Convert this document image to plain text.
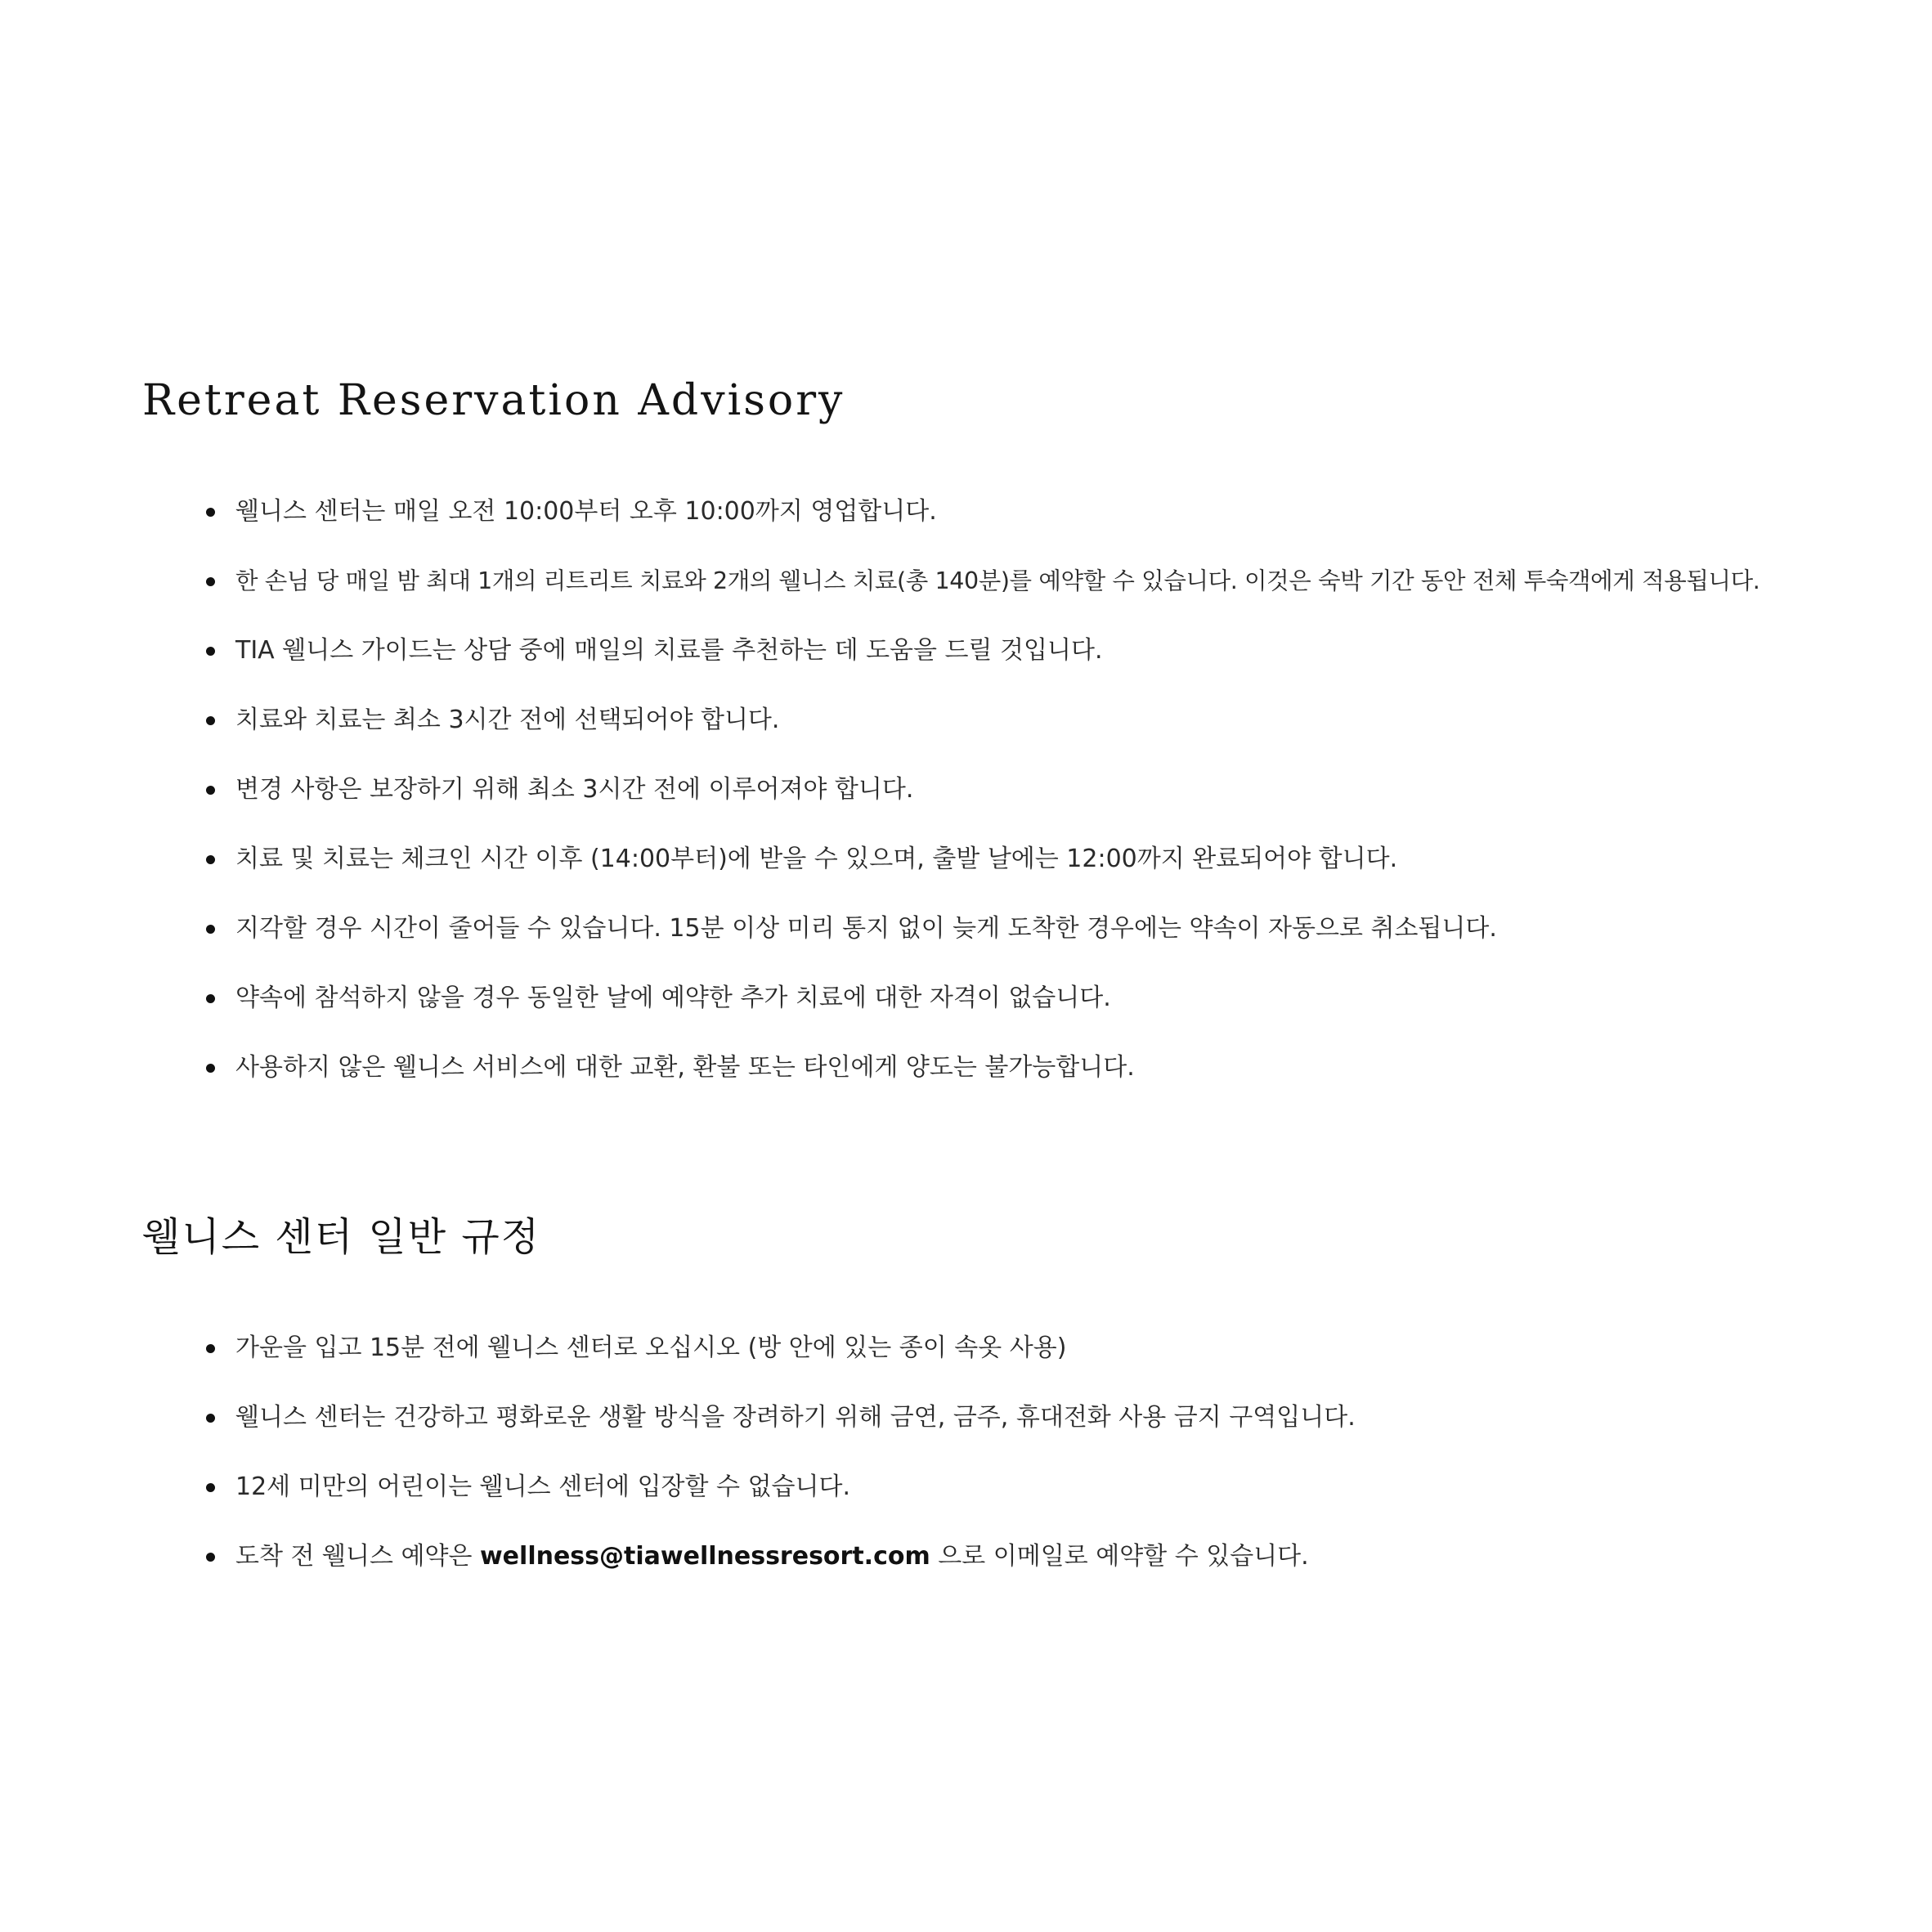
Retreat Reservation Advisory
웰니스 센터는 매일 오전 10:00부터 오후 10:00까지 영업합니다.
한 손님 당 매일 밤 최대 1개의 리트리트 치료와 2개의 웰니스 치료(총 140분)를 예약할 수 있습니다. 이것은 숙박 기간 동안 전체 투숙객에게 적용됩니다.
TIA 웰니스 가이드는 상담 중에 매일의 치료를 추천하는 데 도움을 드릴 것입니다.
치료와 치료는 최소 3시간 전에 선택되어야 합니다.
변경 사항은 보장하기 위해 최소 3시간 전에 이루어져야 합니다.
치료 및 치료는 체크인 시간 이후 (14:00부터)에 받을 수 있으며, 출발 날에는 12:00까지 완료되어야 합니다.
지각할 경우 시간이 줄어들 수 있습니다. 15분 이상 미리 통지 없이 늦게 도착한 경우에는 약속이 자동으로 취소됩니다.
약속에 참석하지 않을 경우 동일한 날에 예약한 추가 치료에 대한 자격이 없습니다.
사용하지 않은 웰니스 서비스에 대한 교환, 환불 또는 타인에게 양도는 불가능합니다.
웰니스 센터 일반 규정
가운을 입고 15분 전에 웰니스 센터로 오십시오 (방 안에 있는 종이 속옷 사용)
웰니스 센터는 건강하고 평화로운 생활 방식을 장려하기 위해 금연, 금주, 휴대전화 사용 금지 구역입니다.
12세 미만의 어린이는 웰니스 센터에 입장할 수 없습니다.
도착 전 웰니스 예약은 wellness@tiawellnessresort.com 으로 이메일로 예약할 수 있습니다.
